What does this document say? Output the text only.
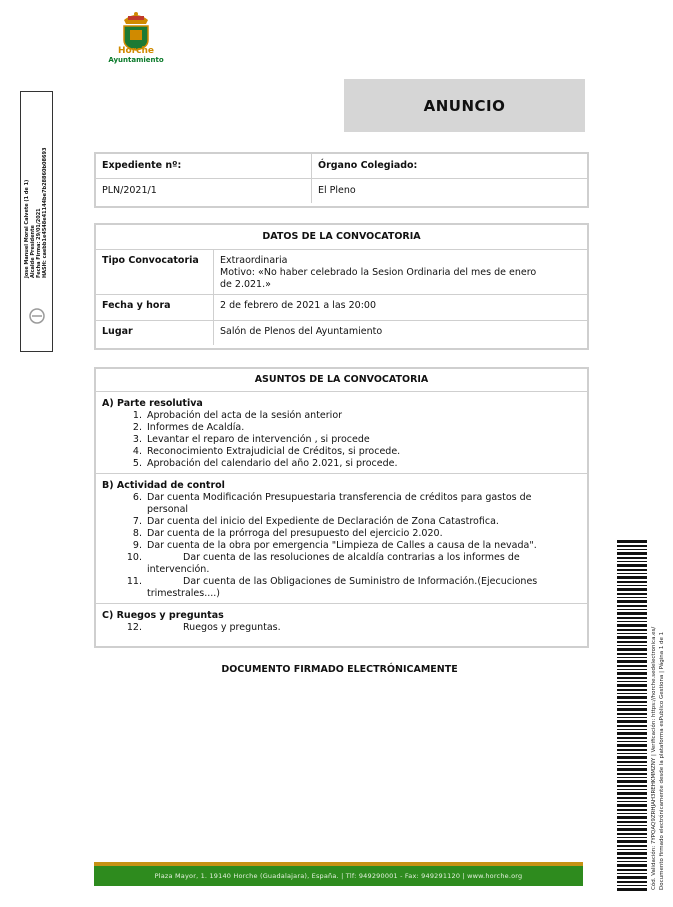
Horche
Ayuntamiento
ANUNCIO
Expediente nº:	Órgano Colegiado:
PLN/2021/1	El Pleno
DATOS DE LA CONVOCATORIA
Tipo Convocatoria	Extraordinaria
Motivo: «No haber celebrado la Sesion Ordinaria del mes de enero
de 2.021.»
Fecha y hora	2 de febrero de 2021 a las 20:00
Lugar	Salón de Plenos del Ayuntamiento
ASUNTOS DE LA CONVOCATORIA
A) Parte resolutiva
1. Aprobación del acta de la sesión anterior
2. Informes de Acaldía.
3. Levantar el reparo de intervención , si procede
4. Reconocimiento Extrajudicial de Créditos, si procede.
5. Aprobación del calendario del año 2.021, si procede.
B) Actividad de control
6. Dar cuenta Modificación Presupuestaria transferencia de créditos para gastos de
personal
7. Dar cuenta del inicio del Expediente de Declaración de Zona Catastrofica.
8. Dar cuenta de la prórroga del presupuesto del ejercicio 2.020.
9. Dar cuenta de la obra por emergencia "Limpieza de Calles a causa de la nevada".
10.	Dar cuenta de las resoluciones de alcaldía contrarias a los informes de
intervención.
11.	Dar cuenta de las Obligaciones de Suministro de Información.(Ejecuciones
trimestrales....)
C) Ruegos y preguntas
12.	Ruegos y preguntas.
DOCUMENTO FIRMADO ELECTRÓNICAMENTE
Plaza Mayor, 1. 19140 Horche (Guadalajara), España. | Tlf: 949290001 - Fax: 949291120 | www.horche.org
Jose Manuel Moral Calvete (1 de 1) Alcalde Presidente Fecha Firma: 29/01/2021 HASH: caebb1e4548e41144be7b28860b08693
Cód. Validación: 7YPQAQ9ZRHJAH3REHKMMZNY | Verificación: https://horche.sedelectronica.es/ Documento firmado electrónicamente desde la plataforma esPublico Gestiona | Página 1 de 1
